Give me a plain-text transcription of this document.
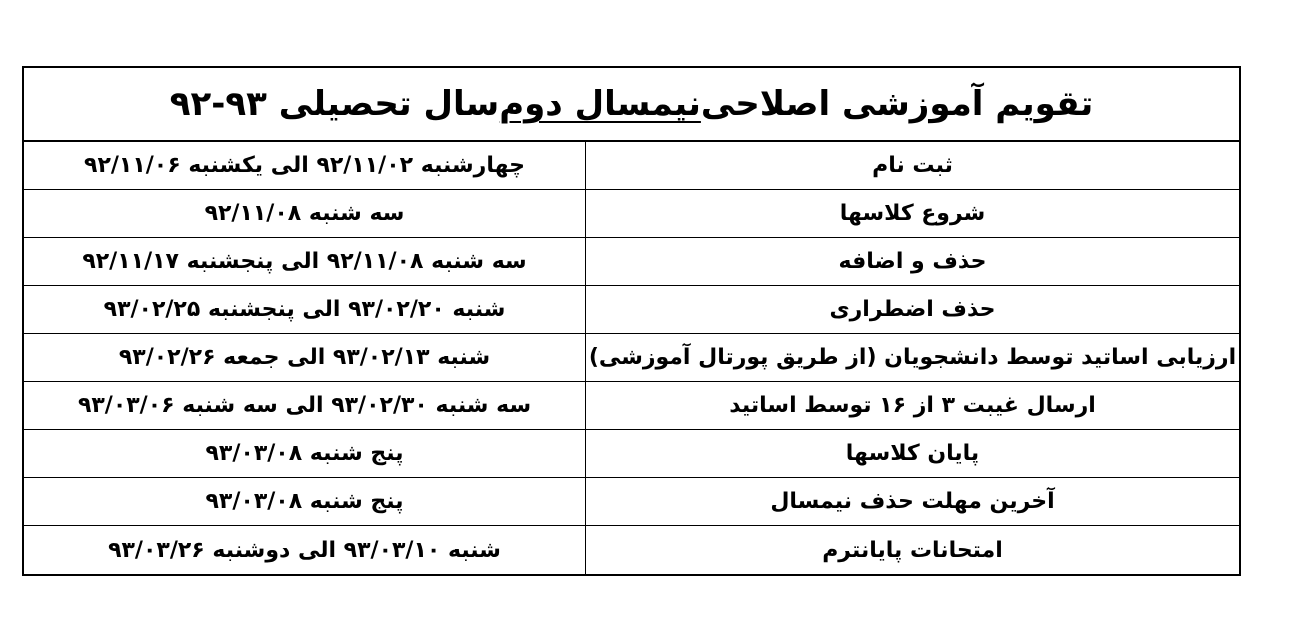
تقویم آموزشی اصلاحی
نیمسال دوم
سال تحصیلی ۹۳-۹۲
ثبت نام
چهارشنبه ۹۲/۱۱/۰۲ الی یکشنبه ۹۲/۱۱/۰۶
شروع کلاسها
سه شنبه ۹۲/۱۱/۰۸
حذف و اضافه
سه شنبه ۹۲/۱۱/۰۸ الی پنجشنبه ۹۲/۱۱/۱۷
حذف اضطراری
شنبه ۹۳/۰۲/۲۰ الی پنجشنبه ۹۳/۰۲/۲۵
ارزیابی اساتید توسط دانشجویان (از طریق پورتال آموزشی)
شنبه ۹۳/۰۲/۱۳ الی جمعه ۹۳/۰۲/۲۶
ارسال غیبت ۳ از ۱۶ توسط اساتید
سه شنبه ۹۳/۰۲/۳۰ الی سه شنبه ۹۳/۰۳/۰۶
پایان کلاسها
پنج شنبه ۹۳/۰۳/۰۸
آخرین مهلت حذف نیمسال
پنج شنبه ۹۳/۰۳/۰۸
امتحانات پایانترم
شنبه ۹۳/۰۳/۱۰ الی دوشنبه ۹۳/۰۳/۲۶
